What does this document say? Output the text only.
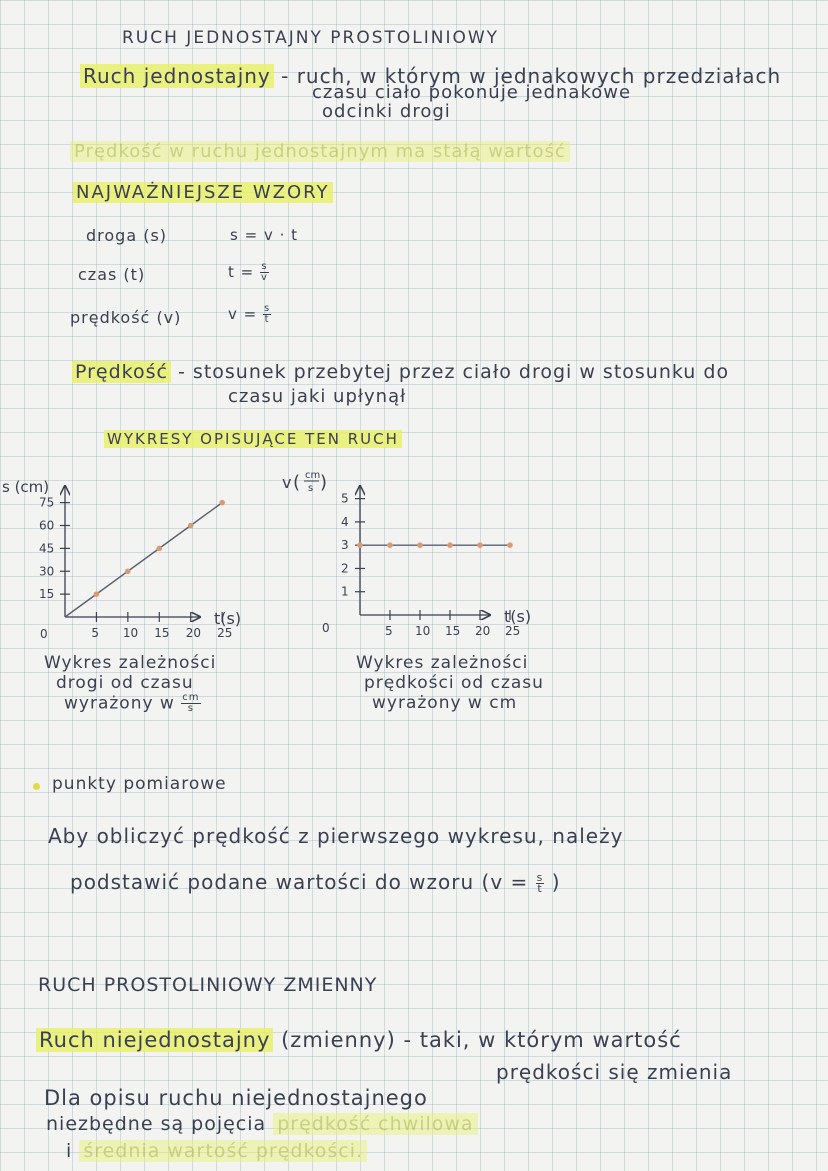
RUCH JEDNOSTAJNY PROSTOLINIOWY
Ruch jednostajny - ruch, w którym w jednakowych przedziałach
czasu ciało pokonuje jednakowe
odcinki drogi
Prędkość w ruchu jednostajnym ma stałą wartość
NAJWAŻNIEJSZE WZORY
droga (s)	s = v · t
czas (t)	$t = \frac{s}{v}$
prędkość (v)	$v = \frac{s}{t}$
Prędkość - stosunek przebytej przez ciało drogi w stosunku do
czasu jaki upłynął
WYKRESY OPISUJĄCE TEN RUCH
s (cm)
t(s)
0	5 10 15 20 25
15
30
45
60
75
Wykres zależności
drogi od czasu
wyrażony w $\frac{cm}{s}$
v ( cm
s )
t(s)
0	5 10 15 20 25
1
2
3
4
5
Wykres zależności
prędkości od czasu
wyrażony w cm
punkty pomiarowe
Aby obliczyć prędkość z pierwszego wykresu, należy
podstawić podane wartości do wzoru ($v = \frac{s}{t}$ )
RUCH PROSTOLINIOWY ZMIENNY
Ruch niejednostajny (zmienny) - taki, w którym wartość
prędkości się zmienia
Dla opisu ruchu niejednostajnego
niezbędne są pojęcia prędkość chwilowa
i średnia wartość prędkości.
